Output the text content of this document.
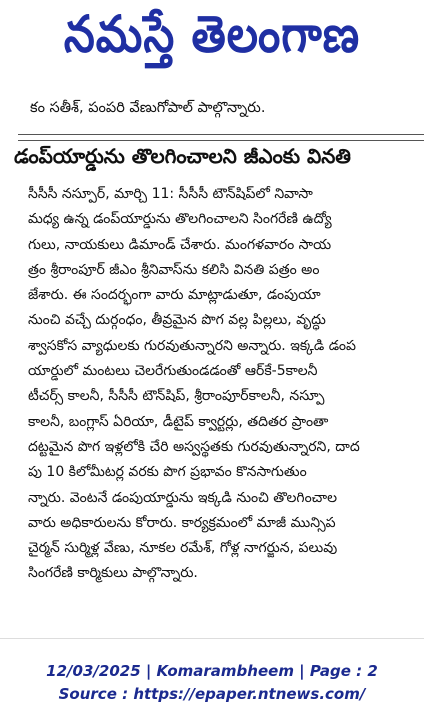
నమస్తే తెలంగాణ
కం సతీశ్, పంపరి వేణుగోపాల్ పాల్గొన్నారు.
డంప్‌యార్డును తొలగించాలని జీఎంకు వినతి
సీసీసీ నస్పూర్, మార్చి 11: సీసీసీ టౌన్‌షిప్‌లో నివాసా
మధ్య ఉన్న డంప్‌యార్డును తొలగించాలని సింగరేణి ఉద్యో
గులు, నాయకులు డిమాండ్ చేశారు. మంగళవారం సాయ
త్రం శ్రీరాంపూర్ జీఎం శ్రీనివాస్‌ను కలిసి వినతి పత్రం అం
జేశారు. ఈ సందర్భంగా వారు మాట్లాడుతూ, డంపుయా
నుంచి వచ్చే దుర్గంధం, తీవ్రమైన పొగ వల్ల పిల్లలు, వృద్ధు
శ్వాసకోస వ్యాధులకు గురవుతున్నారని అన్నారు. ఇక్కడి డంప
యార్డులో మంటలు చెలరేగుతుండడంతో ఆర్‌కే-5కాలనీ
టీచర్స్ కాలనీ, సీసీసీ టౌన్‌షిప్, శ్రీరాంపూర్‌కాలనీ, నస్పూ
కాలనీ, బంగ్లాస్ ఏరియా, డీటైప్ క్వార్టర్లు, తదితర ప్రాంతా
దట్టమైన పొగ ఇళ్లలోకి చేరి అస్వస్థతకు గురవుతున్నారని, దాద
పు 10 కిలోమీటర్ల వరకు పొగ ప్రభావం కొనసాగుతుం
న్నారు. వెంటనే డంపుయార్డును ఇక్కడి నుంచి తొలగించాల
వారు అధికారులను కోరారు. కార్యక్రమంలో మాజీ మున్సిప
చైర్మన్ సుర్మిళ్ల వేణు, నూకల రమేశ్, గోళ్ల నాగర్జున, పలువు
సింగరేణి కార్మికులు పాల్గొన్నారు.
12/03/2025 | Komarambheem | Page : 2
Source : https://epaper.ntnews.com/
